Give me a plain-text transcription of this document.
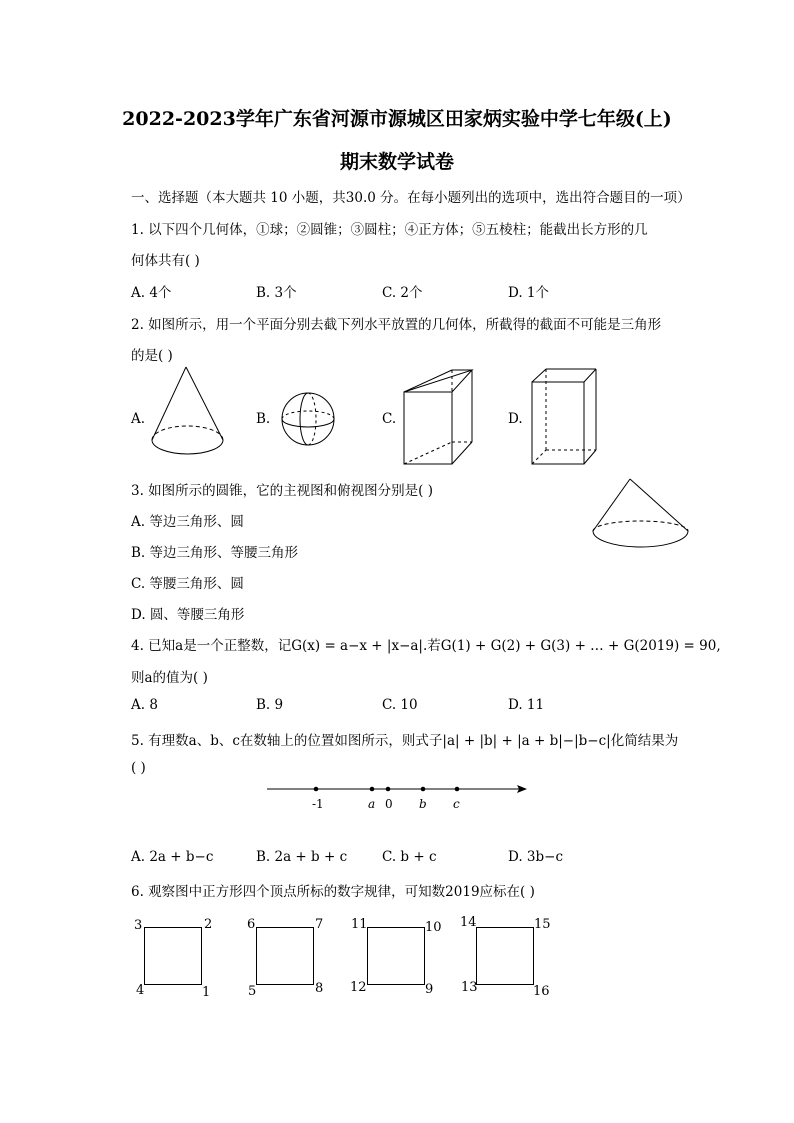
2022-2023学年广东省河源市源城区田家炳实验中学七年级(上)
期末数学试卷
一、选择题（本大题共 10 小题，共30.0 分。在每小题列出的选项中，选出符合题目的一项）
1. 以下四个几何体，①球；②圆锥；③圆柱；④正方体；⑤五棱柱；能截出长方形的几
何体共有( )
A. 4个	B. 3个	C. 2个	D. 1个
2. 如图所示，用一个平面分别去截下列水平放置的几何体，所截得的截面不可能是三角形
的是( )
A.	B.	C.	D.
3. 如图所示的圆锥，它的主视图和俯视图分别是( )
A. 等边三角形、圆
B. 等边三角形、等腰三角形
C. 等腰三角形、圆
D. 圆、等腰三角形
4. 已知a是一个正整数，记G(x) = a−x + |x−a|.若G(1) + G(2) + G(3) + … + G(2019) = 90,
则a的值为( )
A. 8	B. 9	C. 10	D. 11
5. 有理数a、b、c在数轴上的位置如图所示，则式子|a| + |b| + |a + b|−|b−c|化简结果为
( )
-1	a 0 b c
A. 2a + b−c	B. 2a + b + c	C. b + c	D. 3b−c
6. 观察图中正方形四个顶点所标的数字规律，可知数2019应标在( )
3	2
4	1
6	7
5	8
11	10
12	9
14	15
13	16
